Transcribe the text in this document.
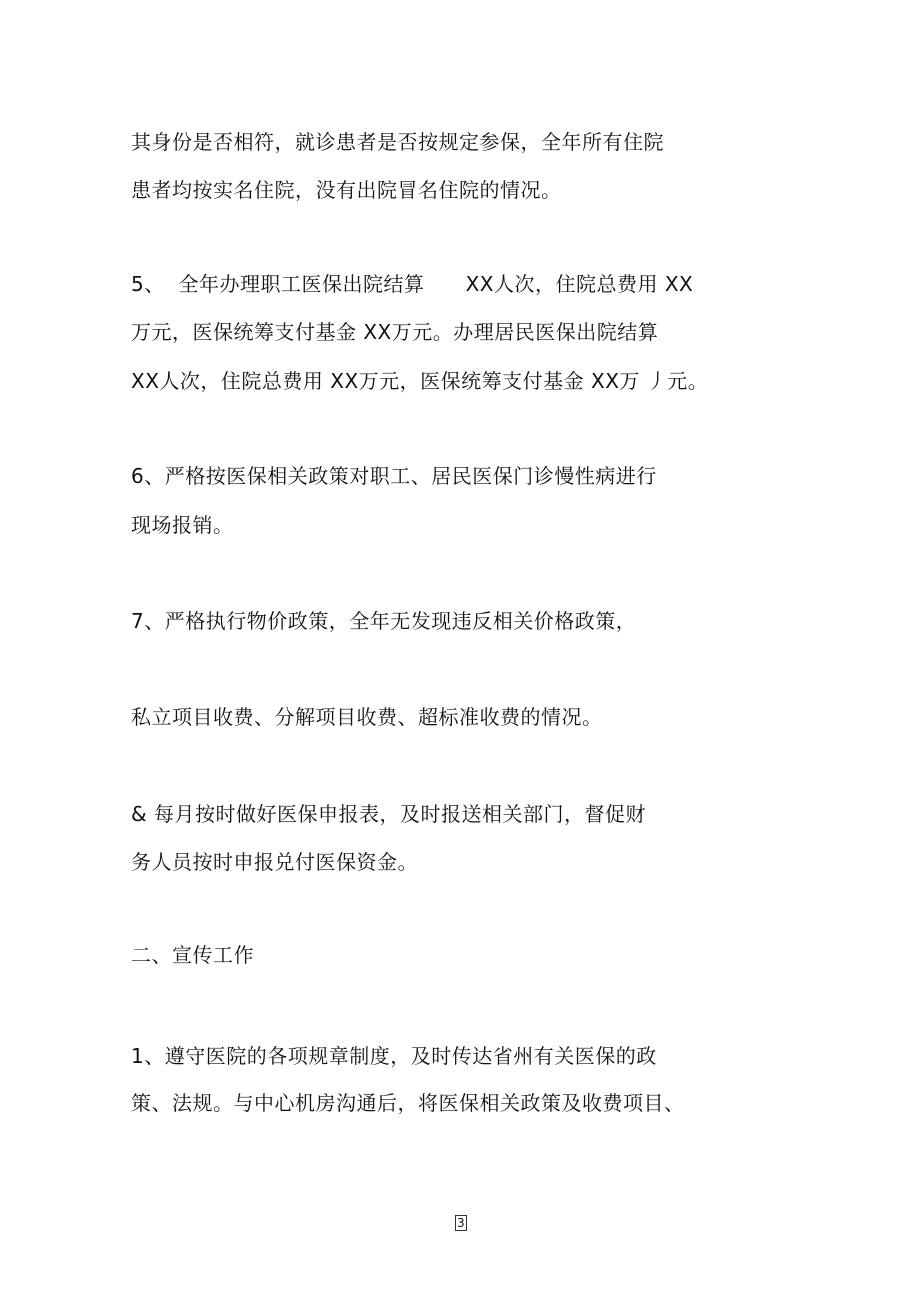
其身份是否相符，就诊患者是否按规定参保，全年所有住院
患者均按实名住院，没有出院冒名住院的情况。
5、  全年办理职工医保出院结算      XX人次，住院总费用 XX
万元，医保统筹支付基金 XX万元。办理居民医保出院结算
XX人次，住院总费用 XX万元，医保统筹支付基金 XX万 丿元。
6、严格按医保相关政策对职工、居民医保门诊慢性病进行
现场报销。
7、严格执行物价政策，全年无发现违反相关价格政策，
私立项目收费、分解项目收费、超标准收费的情况。
& 每月按时做好医保申报表，及时报送相关部门，督促财
务人员按时申报兑付医保资金。
二、宣传工作
1、遵守医院的各项规章制度，及时传达省州有关医保的政
策、法规。与中心机房沟通后，将医保相关政策及收费项目、
3
